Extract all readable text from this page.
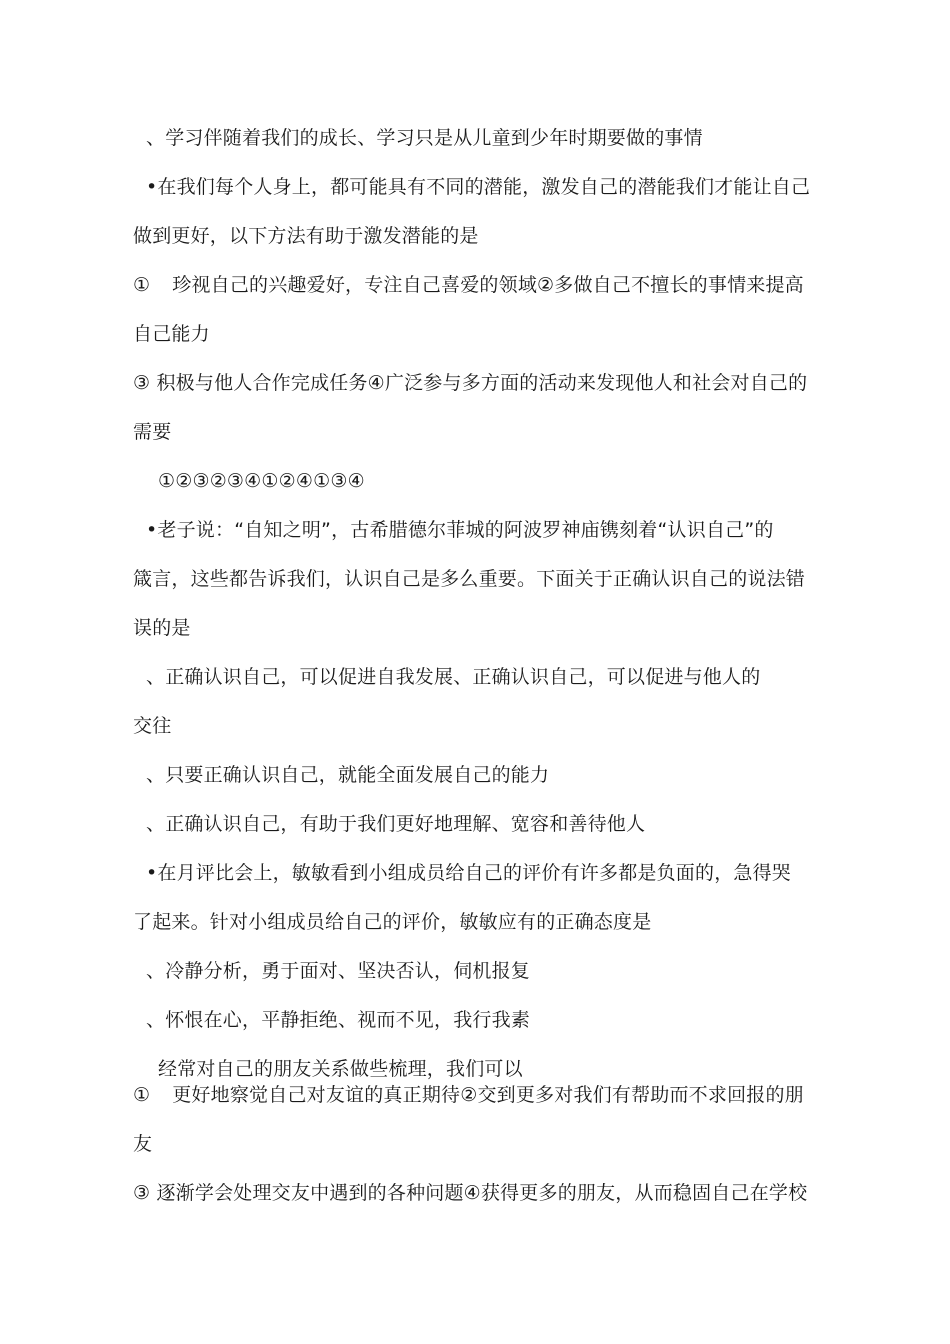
、学习伴随着我们的成长、学习只是从儿童到少年时期要做的事情
•在我们每个人身上，都可能具有不同的潜能，激发自己的潜能我们才能让自己
做到更好，以下方法有助于激发潜能的是
① 珍视自己的兴趣爱好，专注自己喜爱的领域②多做自己不擅长的事情来提高
自己能力
③ 积极与他人合作完成任务④广泛参与多方面的活动来发现他人和社会对自己的
需要
①②③②③④①②④①③④
•老子说：“自知之明”，古希腊德尔菲城的阿波罗神庙镌刻着“认识自己”的
箴言，这些都告诉我们，认识自己是多么重要。下面关于正确认识自己的说法错
误的是
、正确认识自己，可以促进自我发展、正确认识自己，可以促进与他人的
交往
、只要正确认识自己，就能全面发展自己的能力
、正确认识自己，有助于我们更好地理解、宽容和善待他人
•在月评比会上，敏敏看到小组成员给自己的评价有许多都是负面的，急得哭
了起来。针对小组成员给自己的评价，敏敏应有的正确态度是
、冷静分析，勇于面对、坚决否认，伺机报复
、怀恨在心，平静拒绝、视而不见，我行我素
经常对自己的朋友关系做些梳理，我们可以
① 更好地察觉自己对友谊的真正期待②交到更多对我们有帮助而不求回报的朋
友
③ 逐渐学会处理交友中遇到的各种问题④获得更多的朋友，从而稳固自己在学校
